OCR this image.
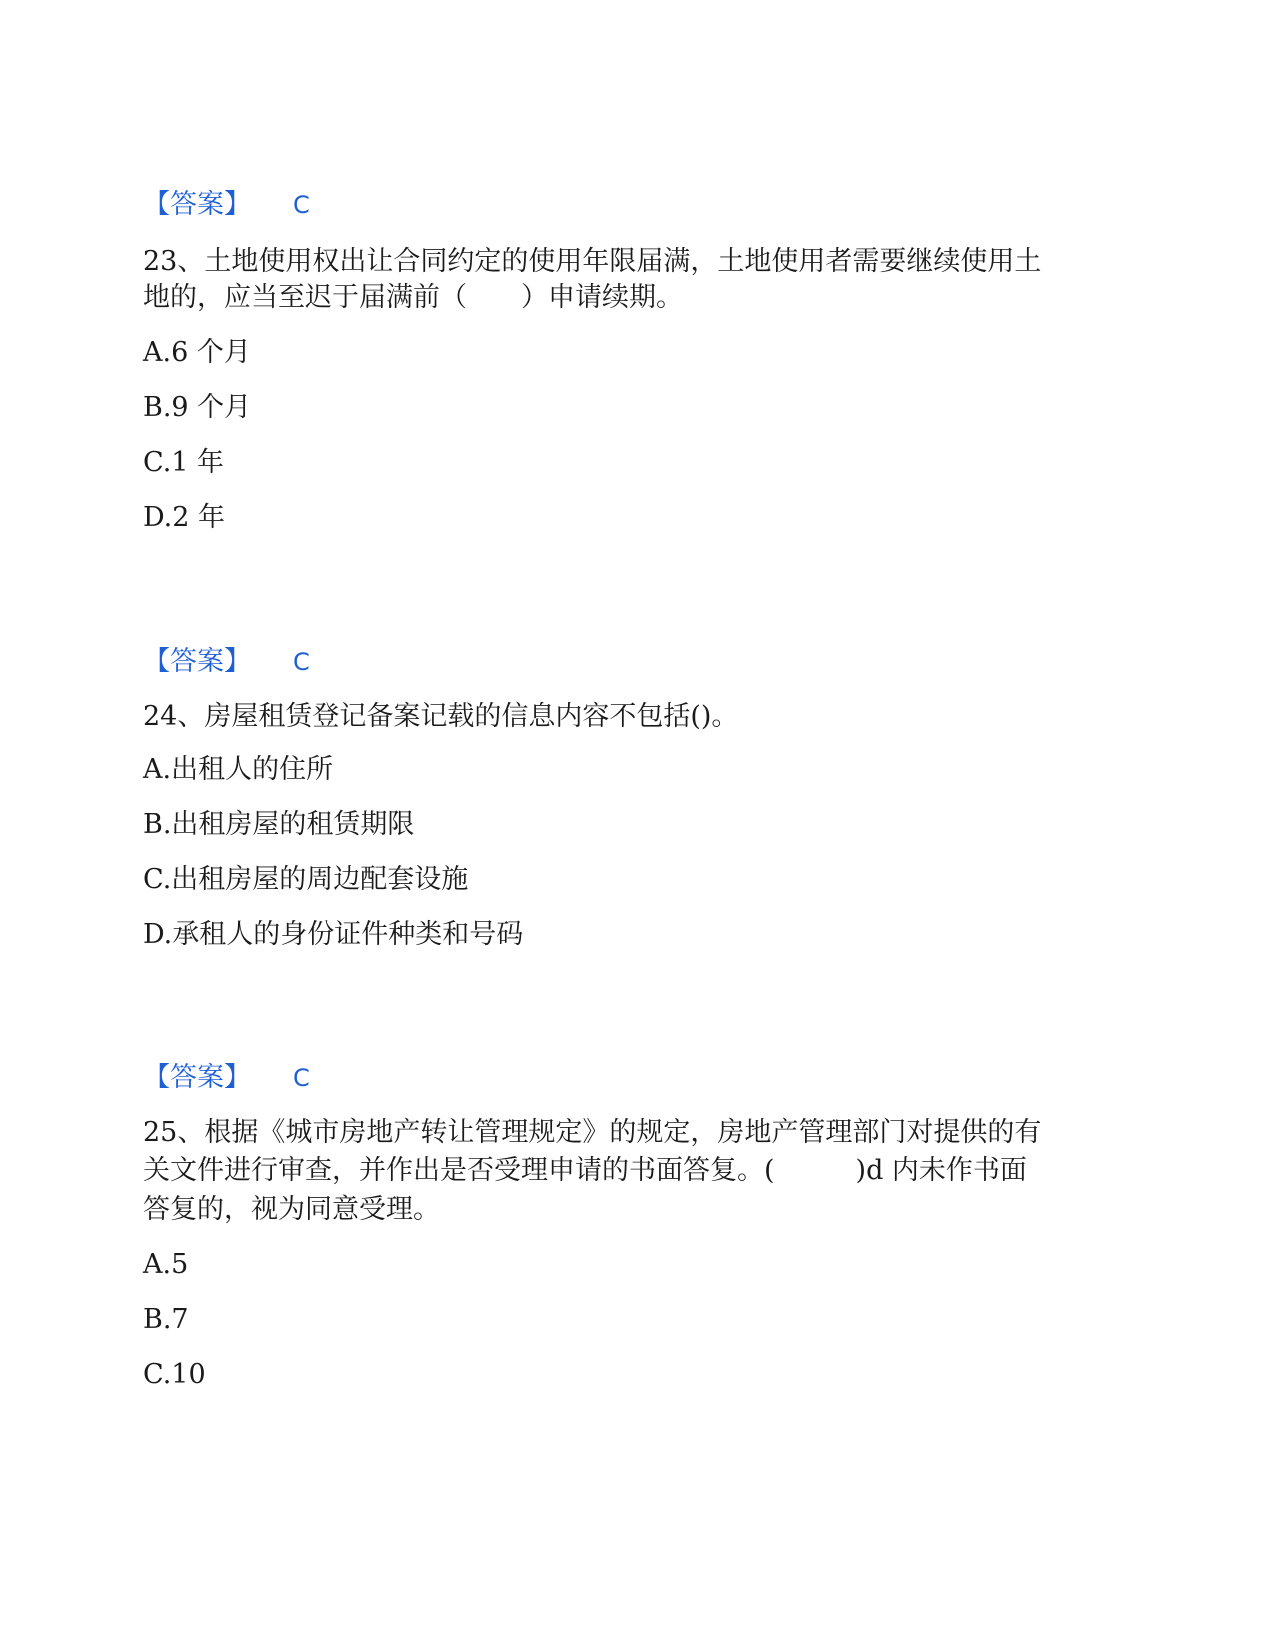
【答案】 C
23、土地使用权出让合同约定的使用年限届满，土地使用者需要继续使用土
地的，应当至迟于届满前（　　）申请续期。
A.6 个月
B.9 个月
C.1 年
D.2 年
【答案】 C
24、房屋租赁登记备案记载的信息内容不包括()。
A.出租人的住所
B.出租房屋的租赁期限
C.出租房屋的周边配套设施
D.承租人的身份证件种类和号码
【答案】 C
25、根据《城市房地产转让管理规定》的规定，房地产管理部门对提供的有
关文件进行审查，并作出是否受理申请的书面答复。(　　　)d 内未作书面
答复的，视为同意受理。
A.5
B.7
C.10
